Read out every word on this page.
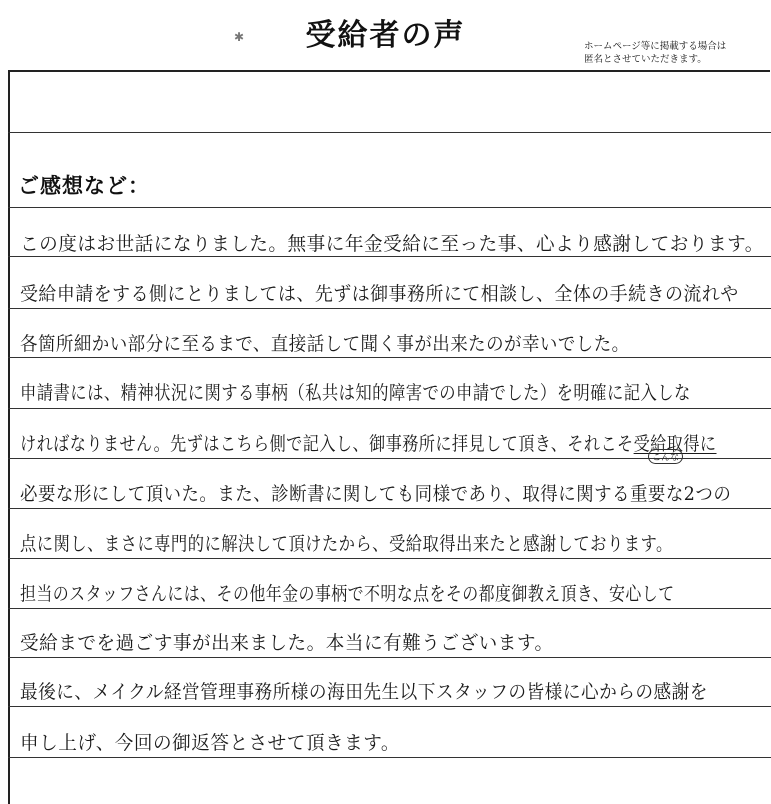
受給者の声
✱
ホームページ等に掲載する場合は
匿名とさせていただきます。
ご感想など：
この度はお世話になりました。無事に年金受給に至った事、心より感謝しております。
受給申請をする側にとりましては、先ずは御事務所にて相談し、全体の手続きの流れや
各箇所細かい部分に至るまで、直接話して聞く事が出来たのが幸いでした。
申請書には、精神状況に関する事柄（私共は知的障害での申請でした）を明確に記入しな
ければなりません。先ずはこちら側で記入し、御事務所に拝見して頂き、それこそ受給取得に
こんな
必要な形にして頂いた。また、診断書に関しても同様であり、取得に関する重要な2つの
点に関し、まさに専門的に解決して頂けたから、受給取得出来たと感謝しております。
担当のスタッフさんには、その他年金の事柄で不明な点をその都度御教え頂き、安心して
受給までを過ごす事が出来ました。本当に有難うございます。
最後に、メイクル経営管理事務所様の海田先生以下スタッフの皆様に心からの感謝を
申し上げ、今回の御返答とさせて頂きます。
